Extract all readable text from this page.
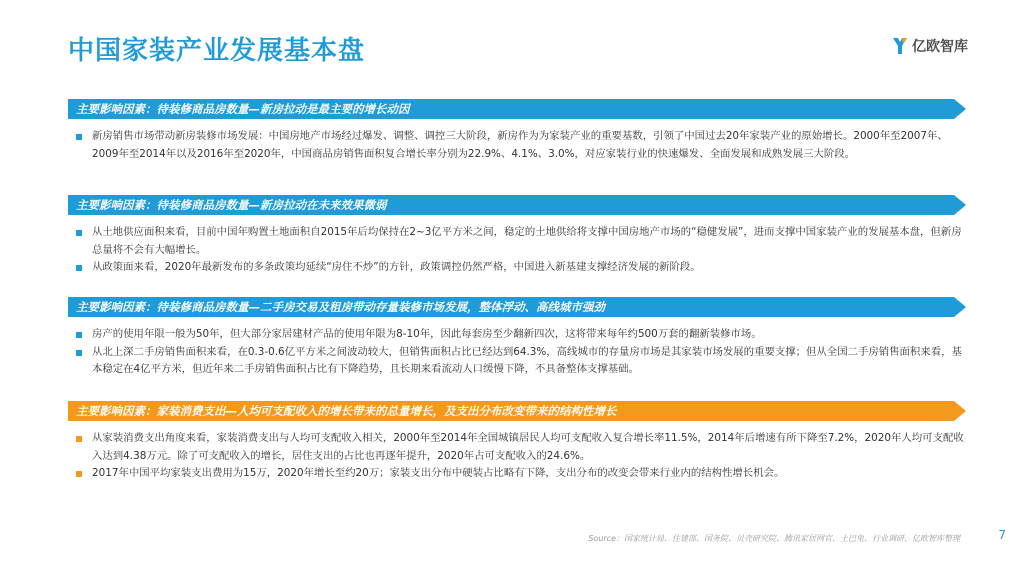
中国家装产业发展基本盘	亿欧智库
主要影响因素：待装修商品房数量—新房拉动是最主要的增长动因
新房销售市场带动新房装修市场发展：中国房地产市场经过爆发、调整、调控三大阶段，新房作为为家装产业的重要基数，引领了中国过去20年家装产业的原始增长。2000年至2007年、2009年至2014年以及2016年至2020年，中国商品房销售面积复合增长率分别为22.9%、4.1%、3.0%，对应家装行业的快速爆发、全面发展和成熟发展三大阶段。
主要影响因素：待装修商品房数量—新房拉动在未来效果微弱
从土地供应面积来看，目前中国年购置土地面积自2015年后均保持在2~3亿平方米之间，稳定的土地供给将支撑中国房地产市场的“稳健发展”，进而支撑中国家装产业的发展基本盘，但新房总量将不会有大幅增长。
从政策面来看，2020年最新发布的多条政策均延续“房住不炒”的方针，政策调控仍然严格，中国进入新基建支撑经济发展的新阶段。
主要影响因素：待装修商品房数量—二手房交易及租房带动存量装修市场发展，整体浮动、高线城市强劲
房产的使用年限一般为50年，但大部分家居建材产品的使用年限为8-10年，因此每套房至少翻新四次，这将带来每年约500万套的翻新装修市场。
从北上深二手房销售面积来看，在0.3-0.6亿平方米之间波动较大，但销售面积占比已经达到64.3%，高线城市的存量房市场是其家装市场发展的重要支撑；但从全国二手房销售面积来看，基本稳定在4亿平方米，但近年来二手房销售面积占比有下降趋势，且长期来看流动人口缓慢下降，不具备整体支撑基础。
主要影响因素：家装消费支出—人均可支配收入的增长带来的总量增长，及支出分布改变带来的结构性增长
从家装消费支出角度来看，家装消费支出与人均可支配收入相关，2000年至2014年全国城镇居民人均可支配收入复合增长率11.5%，2014年后增速有所下降至7.2%，2020年人均可支配收入达到4.38万元。除了可支配收入的增长，居住支出的占比也再逐年提升，2020年占可支配收入的24.6%。
2017年中国平均家装支出费用为15万，2020年增长至约20万；家装支出分布中硬装占比略有下降，支出分布的改变会带来行业内的结构性增长机会。
Source：国家统计局、住建部、国务院、贝壳研究院、腾讯家居网官、土巴兔、行业调研、亿欧智库整理	7
